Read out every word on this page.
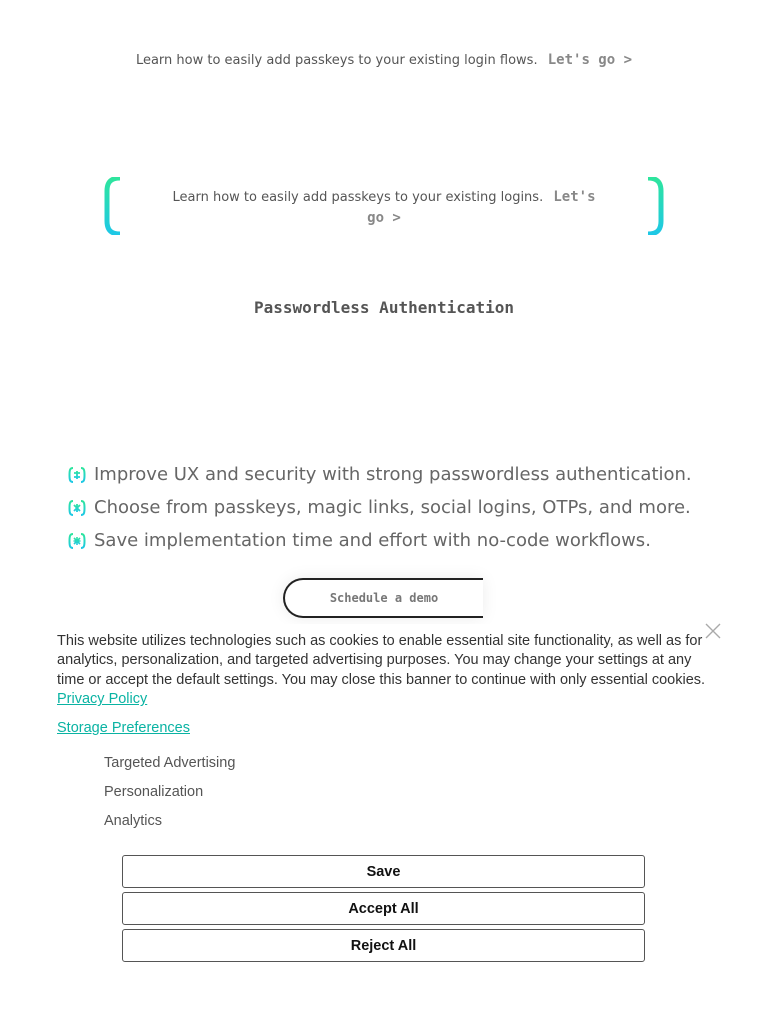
Learn how to easily add passkeys to your existing login flows. Let's go >
Learn how to easily add passkeys to your existing logins. Let's go >
Passwordless Authentication
Improve UX and security with strong passwordless authentication.
Choose from passkeys, magic links, social logins, OTPs, and more.
Save implementation time and effort with no-code workflows.
Schedule a demo
This website utilizes technologies such as cookies to enable essential site functionality, as well as for analytics, personalization, and targeted advertising purposes. You may change your settings at any time or accept the default settings. You may close this banner to continue with only essential cookies. Privacy Policy
Storage Preferences
Targeted Advertising
Personalization
Analytics
Save
Accept All
Reject All
